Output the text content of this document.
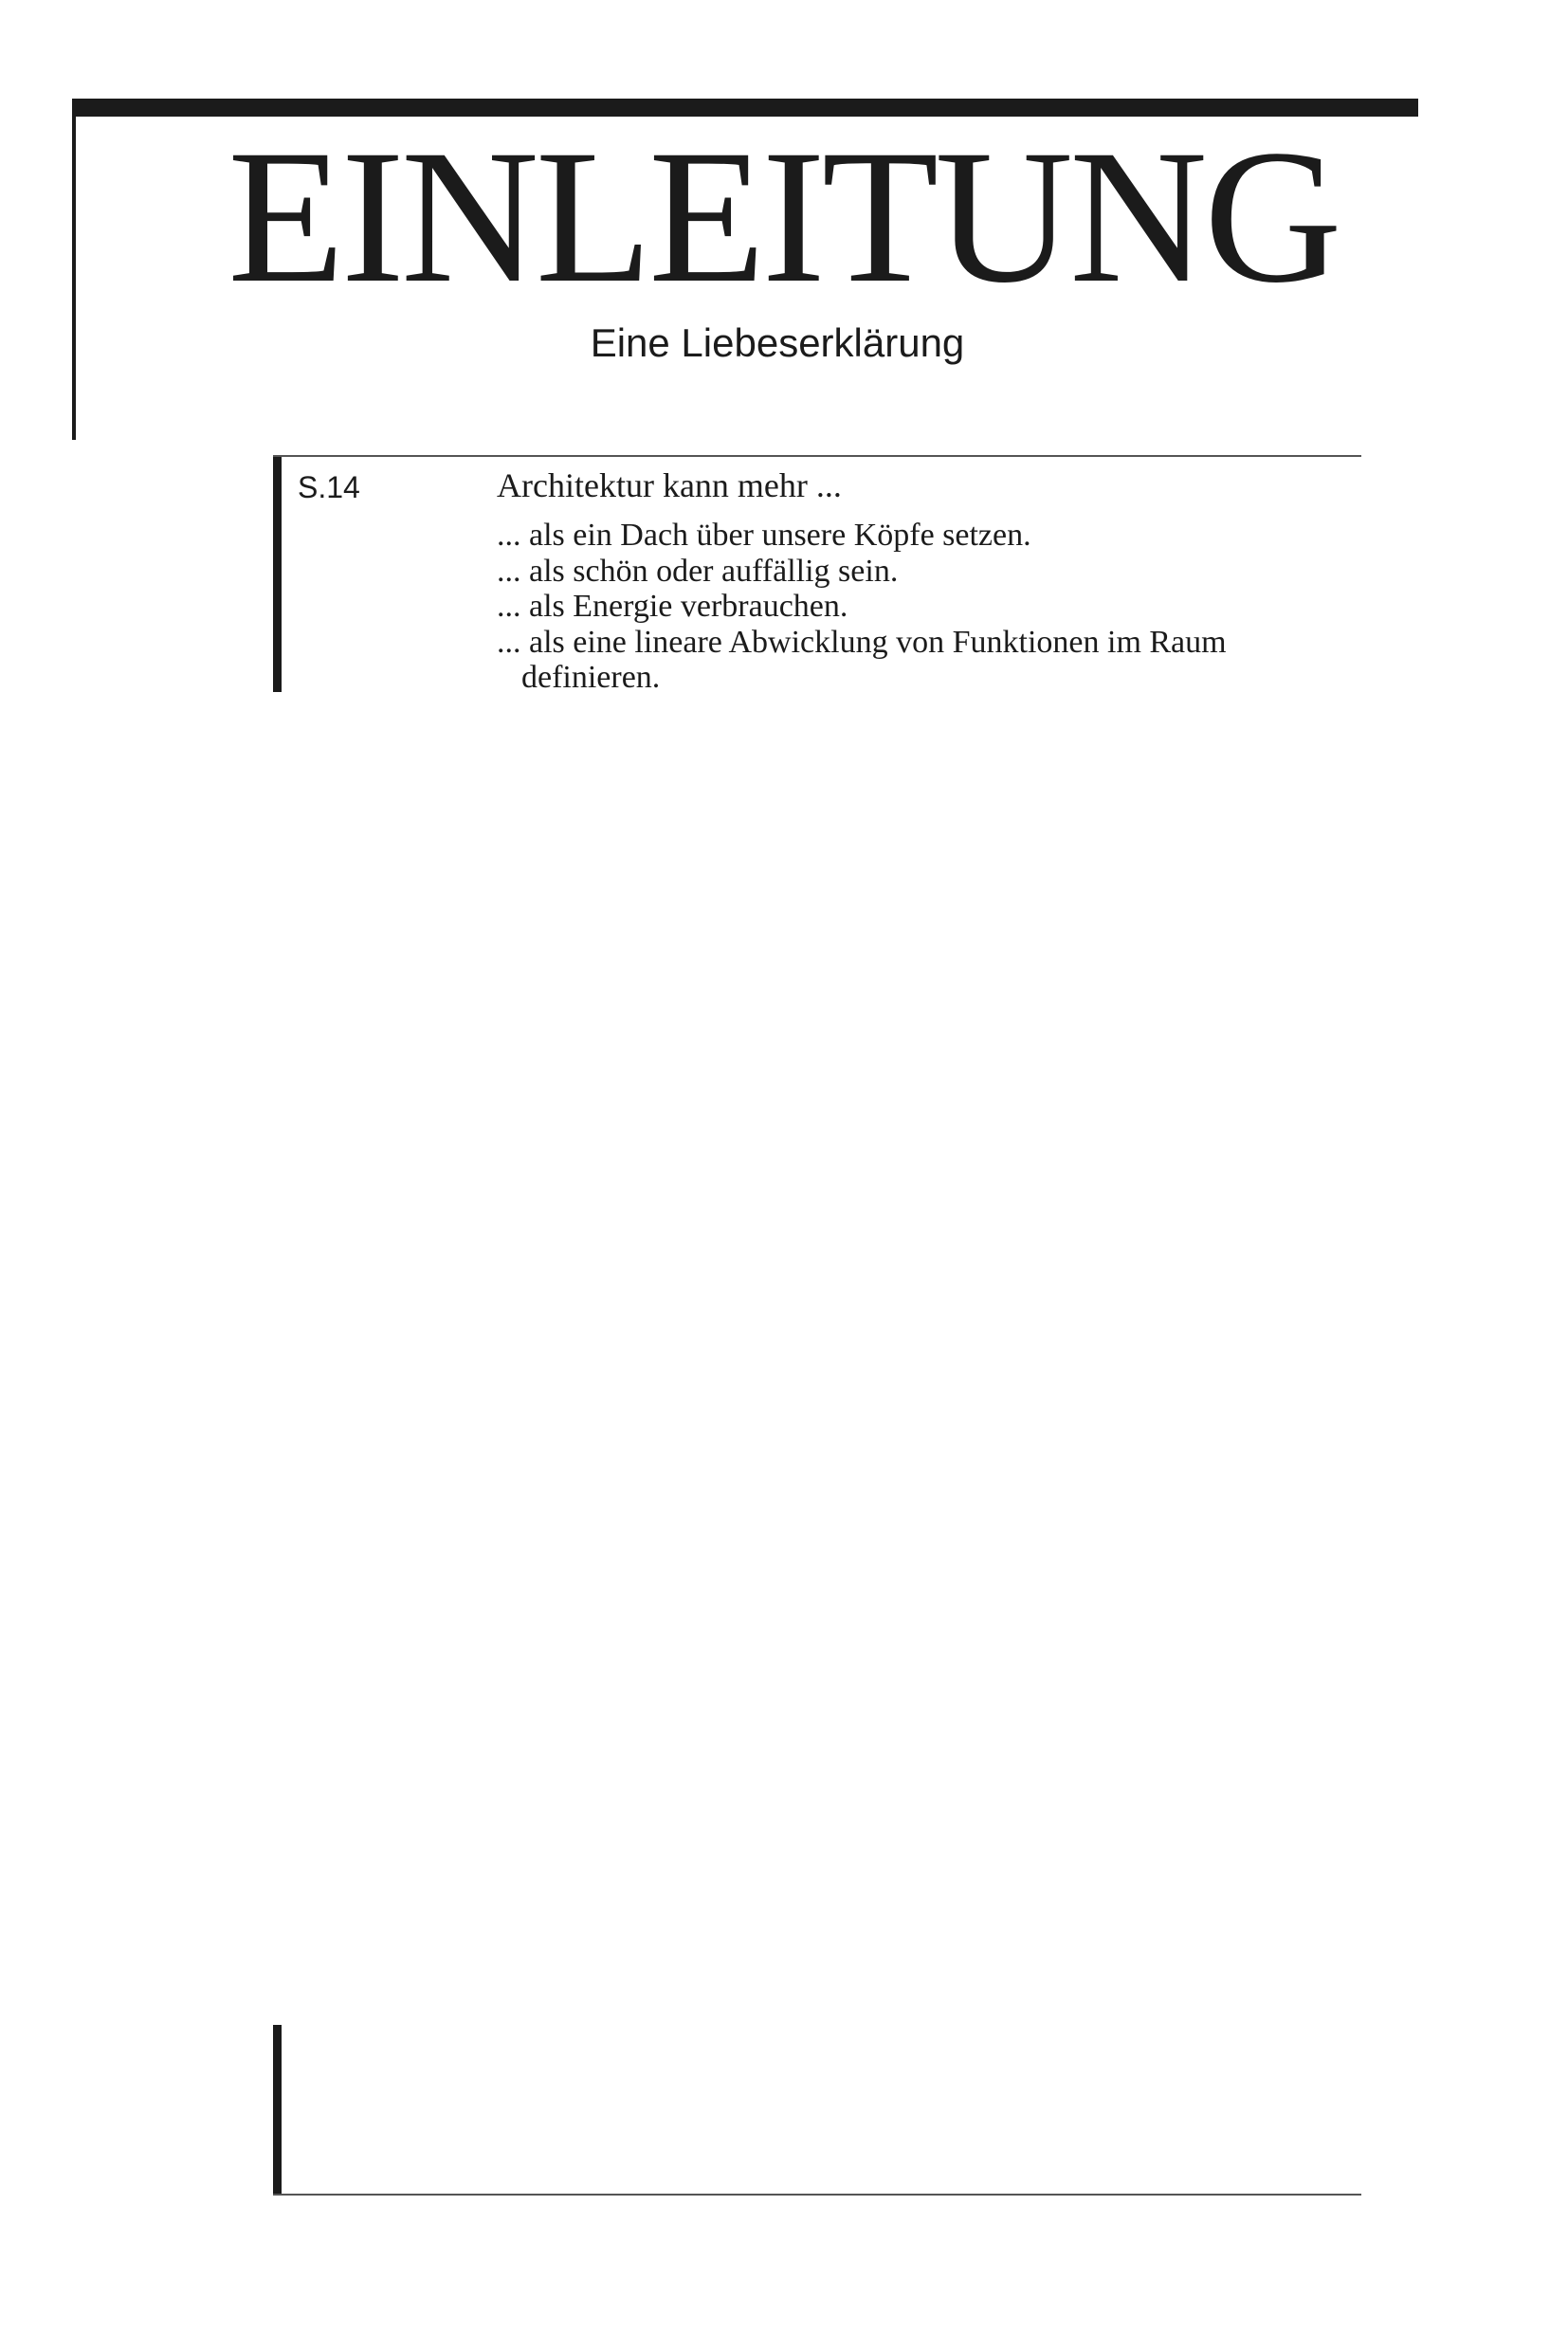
EINLEITUNG

Eine Liebeserklärung

S.14	Architektur kann mehr ...
... als ein Dach über unsere Köpfe setzen.
... als schön oder auffällig sein.
... als Energie verbrauchen.
... als eine lineare Abwicklung von Funktionen im Raum definieren.
